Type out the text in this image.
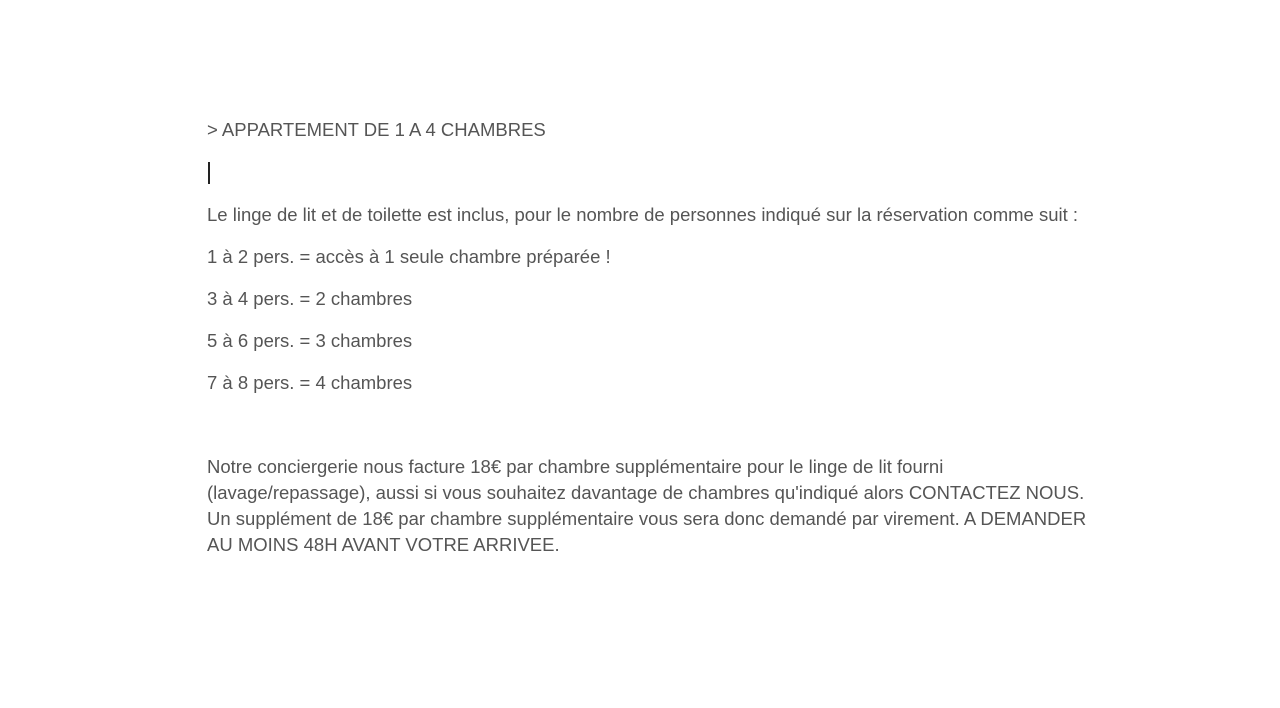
> APPARTEMENT DE 1 A 4 CHAMBRES

Le linge de lit et de toilette est inclus, pour le nombre de personnes indiqué sur la réservation comme suit :

1 à 2 pers. = accès à 1 seule chambre préparée !
3 à 4 pers. = 2 chambres
5 à 6 pers. = 3 chambres
7 à 8 pers. = 4 chambres

Notre conciergerie nous facture 18€ par chambre supplémentaire pour le linge de lit fourni (lavage/repassage), aussi si vous souhaitez davantage de chambres qu'indiqué alors CONTACTEZ NOUS. Un supplément de 18€ par chambre supplémentaire vous sera donc demandé par virement. A DEMANDER AU MOINS 48H AVANT VOTRE ARRIVEE.
